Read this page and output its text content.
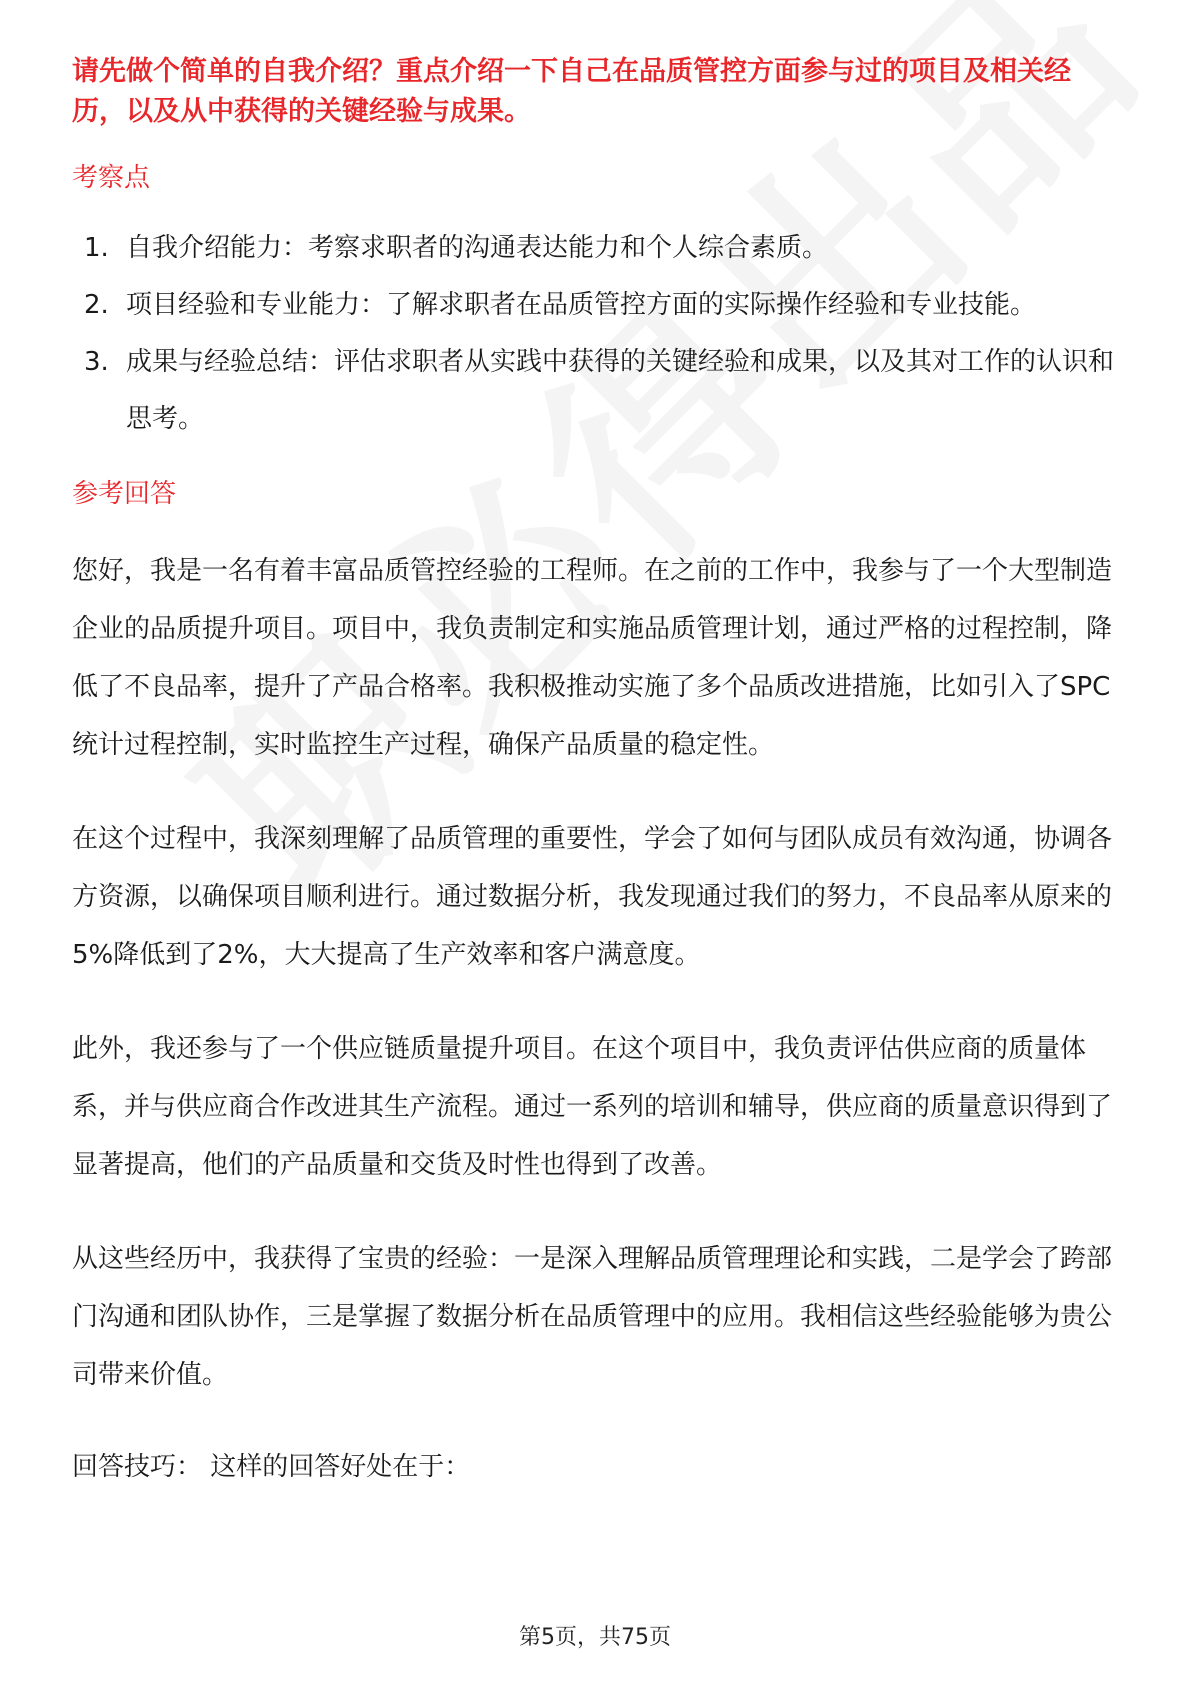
请先做个简单的自我介绍？重点介绍一下自己在品质管控方面参与过的项目及相关经历，以及从中获得的关键经验与成果。

考察点
1. 自我介绍能力：考察求职者的沟通表达能力和个人综合素质。
2. 项目经验和专业能力：了解求职者在品质管控方面的实际操作经验和专业技能。
3. 成果与经验总结：评估求职者从实践中获得的关键经验和成果，以及其对工作的认识和思考。
参考回答

您好，我是一名有着丰富品质管控经验的工程师。在之前的工作中，我参与了一个大型制造企业的品质提升项目。项目中，我负责制定和实施品质管理计划，通过严格的过程控制，降低了不良品率，提升了产品合格率。我积极推动实施了多个品质改进措施，比如引入了SPC统计过程控制，实时监控生产过程，确保产品质量的稳定性。

在这个过程中，我深刻理解了品质管理的重要性，学会了如何与团队成员有效沟通，协调各方资源，以确保项目顺利进行。通过数据分析，我发现通过我们的努力，不良品率从原来的5%降低到了2%，大大提高了生产效率和客户满意度。

此外，我还参与了一个供应链质量提升项目。在这个项目中，我负责评估供应商的质量体系，并与供应商合作改进其生产流程。通过一系列的培训和辅导，供应商的质量意识得到了显著提高，他们的产品质量和交货及时性也得到了改善。

从这些经历中，我获得了宝贵的经验：一是深入理解品质管理理论和实践，二是学会了跨部门沟通和团队协作，三是掌握了数据分析在品质管理中的应用。我相信这些经验能够为贵公司带来价值。

回答技巧： 这样的回答好处在于：

第5页，共75页
